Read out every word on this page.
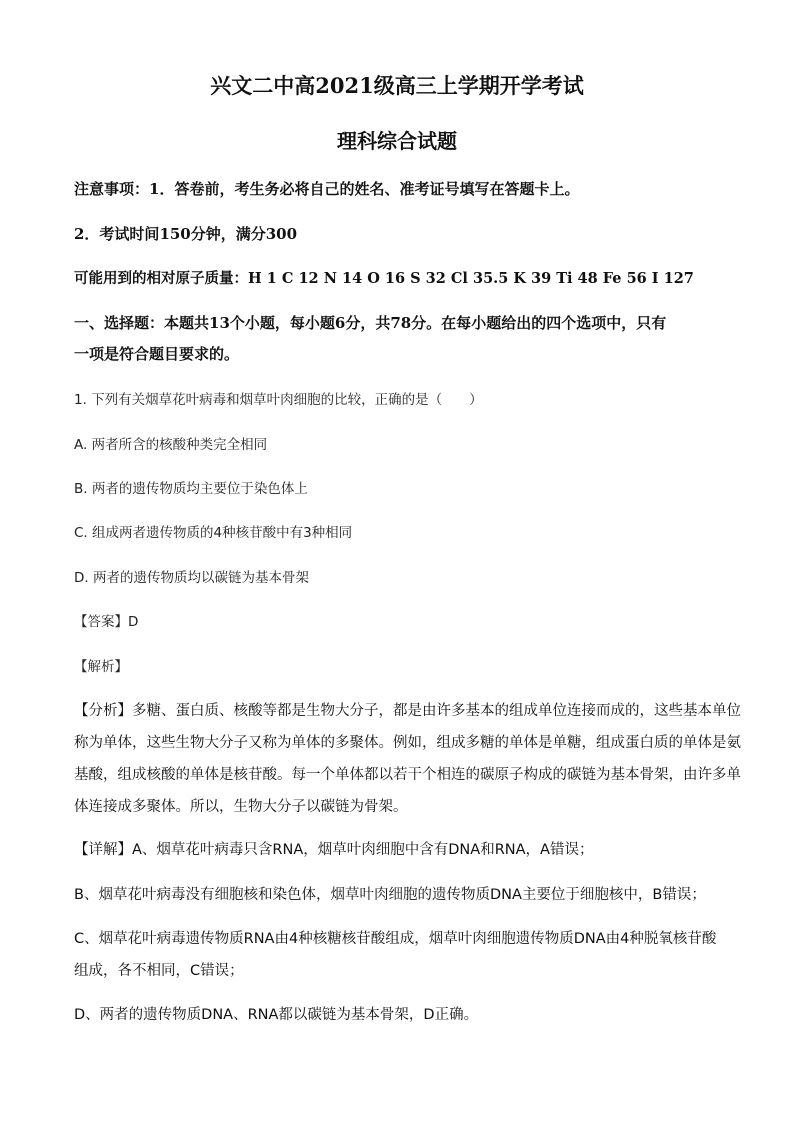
兴文二中高2021级高三上学期开学考试
理科综合试题
注意事项：1．答卷前，考生务必将自己的姓名、准考证号填写在答题卡上。
2．考试时间150分钟，满分300
可能用到的相对原子质量：H 1 C 12 N 14 O 16 S 32 Cl 35.5 K 39 Ti 48 Fe 56 I 127
一、选择题：本题共13个小题，每小题6分，共78分。在每小题给出的四个选项中，只有
一项是符合题目要求的。
1. 下列有关烟草花叶病毒和烟草叶肉细胞的比较，正确的是（　　）
A. 两者所含的核酸种类完全相同
B. 两者的遗传物质均主要位于染色体上
C. 组成两者遗传物质的4种核苷酸中有3种相同
D. 两者的遗传物质均以碳链为基本骨架
【答案】D
【解析】
【分析】多糖、蛋白质、核酸等都是生物大分子，都是由许多基本的组成单位连接而成的，这些基本单位
称为单体，这些生物大分子又称为单体的多聚体。例如，组成多糖的单体是单糖，组成蛋白质的单体是氨
基酸，组成核酸的单体是核苷酸。每一个单体都以若干个相连的碳原子构成的碳链为基本骨架，由许多单
体连接成多聚体。所以，生物大分子以碳链为骨架。
【详解】A、烟草花叶病毒只含RNA，烟草叶肉细胞中含有DNA和RNA，A错误；
B、烟草花叶病毒没有细胞核和染色体，烟草叶肉细胞的遗传物质DNA主要位于细胞核中，B错误；
C、烟草花叶病毒遗传物质RNA由4种核糖核苷酸组成，烟草叶肉细胞遗传物质DNA由4种脱氧核苷酸
组成，各不相同，C错误；
D、两者的遗传物质DNA、RNA都以碳链为基本骨架，D正确。
